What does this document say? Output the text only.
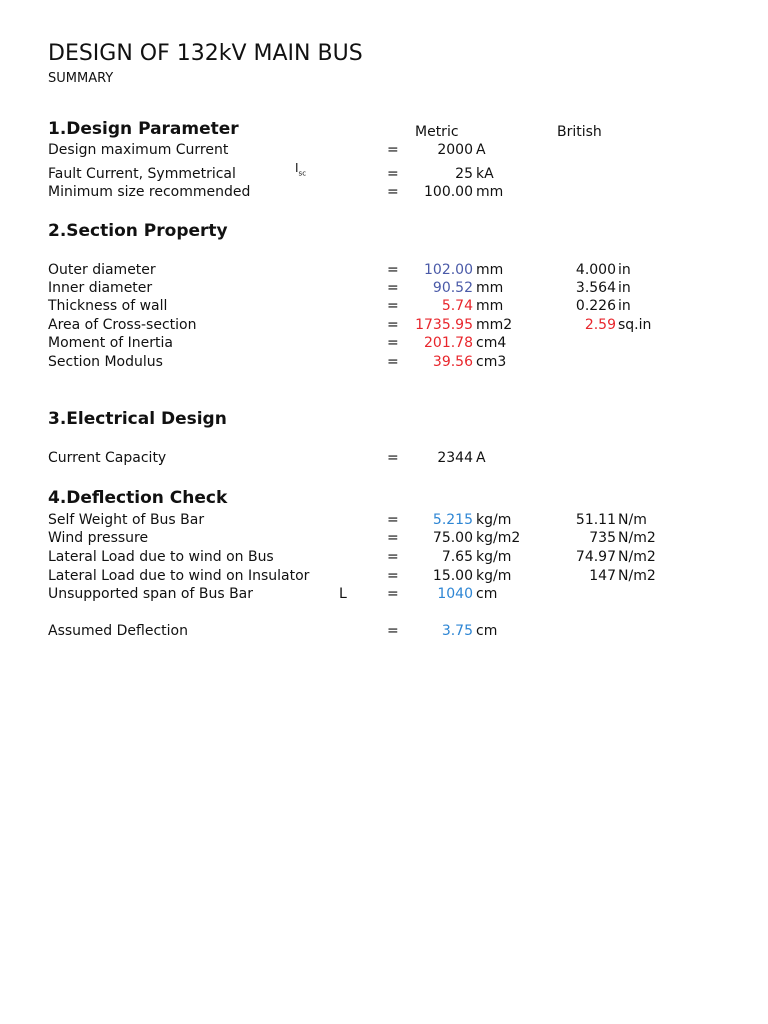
DESIGN OF 132kV MAIN BUS
SUMMARY
1.Design Parameter	Metric	British
Design maximum Current	=	2000 A
Fault Current, Symmetrical	$I_{sc}$	=	25 kA
Minimum size recommended	= 100.00 mm
2.Section Property
Outer diameter	= 102.00 mm	4.000 in
Inner diameter	= 90.52 mm	3.564 in
Thickness of wall	=	5.74 mm	0.226 in
Area of Cross-section	= 1735.95 mm2	2.59 sq.in
Moment of Inertia	= 201.78 cm4
Section Modulus	= 39.56 cm3
3.Electrical Design
Current Capacity	=	2344 A
4.Deflection Check
Self Weight of Bus Bar	= 5.215 kg/m	51.11 N/m
Wind pressure	= 75.00 kg/m2	735 N/m2
Lateral Load due to wind on Bus	=	7.65 kg/m	74.97 N/m2
Lateral Load due to wind on Insulator	= 15.00 kg/m	147 N/m2
Unsupported span of Bus Bar	L	=	1040 cm
Assumed Deflection	=	3.75 cm
